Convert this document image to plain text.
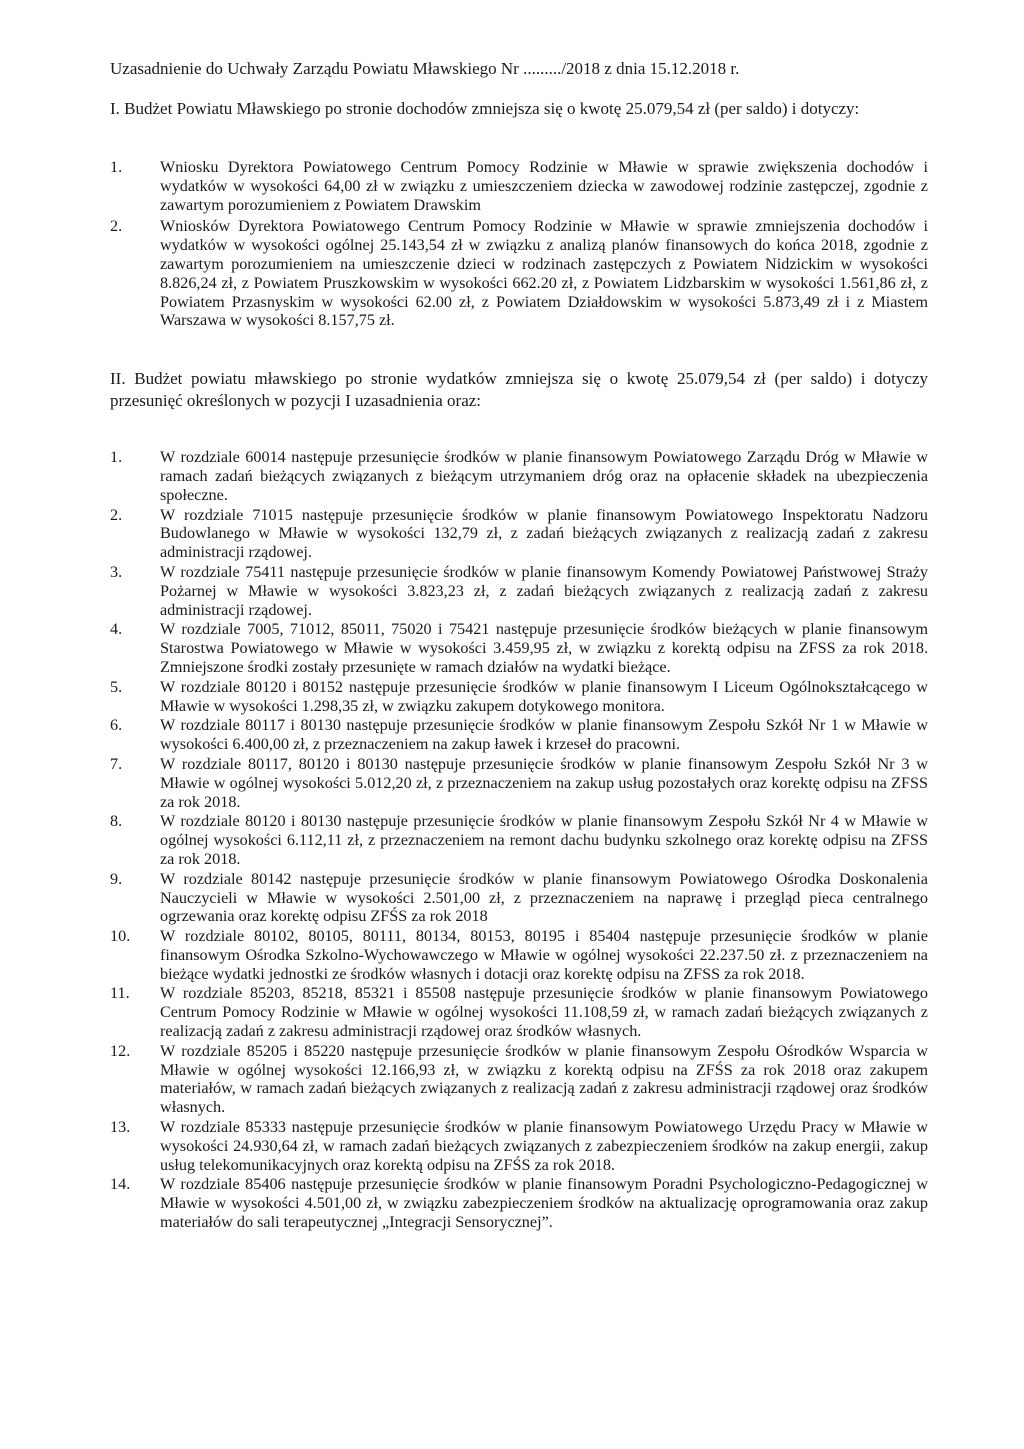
Uzasadnienie do Uchwały Zarządu Powiatu Mławskiego Nr ........./2018 z dnia 15.12.2018 r.

I. Budżet Powiatu Mławskiego po stronie dochodów zmniejsza się o kwotę 25.079,54 zł (per saldo) i dotyczy:

1.	Wniosku Dyrektora Powiatowego Centrum Pomocy Rodzinie w Mławie w sprawie zwiększenia dochodów i wydatków w wysokości 64,00 zł w związku z umieszczeniem dziecka w zawodowej rodzinie zastępczej, zgodnie z zawartym porozumieniem z Powiatem Drawskim
2.	Wniosków Dyrektora Powiatowego Centrum Pomocy Rodzinie w Mławie w sprawie zmniejszenia dochodów i wydatków w wysokości ogólnej 25.143,54 zł w związku z analizą planów finansowych do końca 2018, zgodnie z zawartym porozumieniem na umieszczenie dzieci w rodzinach zastępczych z Powiatem Nidzickim w wysokości 8.826,24 zł, z Powiatem Pruszkowskim w wysokości 662.20 zł, z Powiatem Lidzbarskim w wysokości 1.561,86 zł, z Powiatem Przasnyskim w wysokości 62.00 zł, z Powiatem Działdowskim w wysokości 5.873,49 zł i z Miastem Warszawa w wysokości 8.157,75 zł.

II. Budżet powiatu mławskiego po stronie wydatków zmniejsza się o kwotę 25.079,54 zł (per saldo) i dotyczy przesunięć określonych w pozycji I uzasadnienia oraz:

1.	W rozdziale 60014 następuje przesunięcie środków w planie finansowym Powiatowego Zarządu Dróg w Mławie w ramach zadań bieżących związanych z bieżącym utrzymaniem dróg oraz na opłacenie składek na ubezpieczenia społeczne.
2.	W rozdziale 71015 następuje przesunięcie środków w planie finansowym Powiatowego Inspektoratu Nadzoru Budowlanego w Mławie w wysokości 132,79 zł, z zadań bieżących związanych z realizacją zadań z zakresu administracji rządowej.
3.	W rozdziale 75411 następuje przesunięcie środków w planie finansowym Komendy Powiatowej Państwowej Straży Pożarnej w Mławie w wysokości 3.823,23 zł, z zadań bieżących związanych z realizacją zadań z zakresu administracji rządowej.
4.	W rozdziale 7005, 71012, 85011, 75020 i 75421 następuje przesunięcie środków bieżących w planie finansowym Starostwa Powiatowego w Mławie w wysokości 3.459,95 zł, w związku z korektą odpisu na ZFSS za rok 2018. Zmniejszone środki zostały przesunięte w ramach działów na wydatki bieżące.
5.	W rozdziale 80120 i 80152 następuje przesunięcie środków w planie finansowym I Liceum Ogólnokształcącego w Mławie w wysokości 1.298,35 zł, w związku zakupem dotykowego monitora.
6.	W rozdziale 80117 i 80130 następuje przesunięcie środków w planie finansowym Zespołu Szkół Nr 1 w Mławie w wysokości 6.400,00 zł, z przeznaczeniem na zakup ławek i krzeseł do pracowni.
7.	W rozdziale 80117, 80120 i 80130 następuje przesunięcie środków w planie finansowym Zespołu Szkół Nr 3 w Mławie w ogólnej wysokości 5.012,20 zł, z przeznaczeniem na zakup usług pozostałych oraz korektę odpisu na ZFSS za rok 2018.
8.	W rozdziale 80120 i 80130 następuje przesunięcie środków w planie finansowym Zespołu Szkół Nr 4 w Mławie w ogólnej wysokości 6.112,11 zł, z przeznaczeniem na remont dachu budynku szkolnego oraz korektę odpisu na ZFSS za rok 2018.
9.	W rozdziale 80142 następuje przesunięcie środków w planie finansowym Powiatowego Ośrodka Doskonalenia Nauczycieli w Mławie w wysokości 2.501,00 zł, z przeznaczeniem na naprawę i przegląd pieca centralnego ogrzewania oraz korektę odpisu ZFŚS za rok 2018
10.	W rozdziale 80102, 80105, 80111, 80134, 80153, 80195 i 85404 następuje przesunięcie środków w planie finansowym Ośrodka Szkolno-Wychowawczego w Mławie w ogólnej wysokości 22.237.50 zł. z przeznaczeniem na bieżące wydatki jednostki ze środków własnych i dotacji oraz korektę odpisu na ZFSS za rok 2018.
11.	W rozdziale 85203, 85218, 85321 i 85508 następuje przesunięcie środków w planie finansowym Powiatowego Centrum Pomocy Rodzinie w Mławie w ogólnej wysokości 11.108,59 zł, w ramach zadań bieżących związanych z realizacją zadań z zakresu administracji rządowej oraz środków własnych.
12.	W rozdziale 85205 i 85220 następuje przesunięcie środków w planie finansowym Zespołu Ośrodków Wsparcia w Mławie w ogólnej wysokości 12.166,93 zł, w związku z korektą odpisu na ZFŚS za rok 2018 oraz zakupem materiałów, w ramach zadań bieżących związanych z realizacją zadań z zakresu administracji rządowej oraz środków własnych.
13.	W rozdziale 85333 następuje przesunięcie środków w planie finansowym Powiatowego Urzędu Pracy w Mławie w wysokości 24.930,64 zł, w ramach zadań bieżących związanych z zabezpieczeniem środków na zakup energii, zakup usług telekomunikacyjnych oraz korektą odpisu na ZFŚS za rok 2018.
14.	W rozdziale 85406 następuje przesunięcie środków w planie finansowym Poradni Psychologiczno-Pedagogicznej w Mławie w wysokości 4.501,00 zł, w związku zabezpieczeniem środków na aktualizację oprogramowania oraz zakup materiałów do sali terapeutycznej „Integracji Sensorycznej”.
